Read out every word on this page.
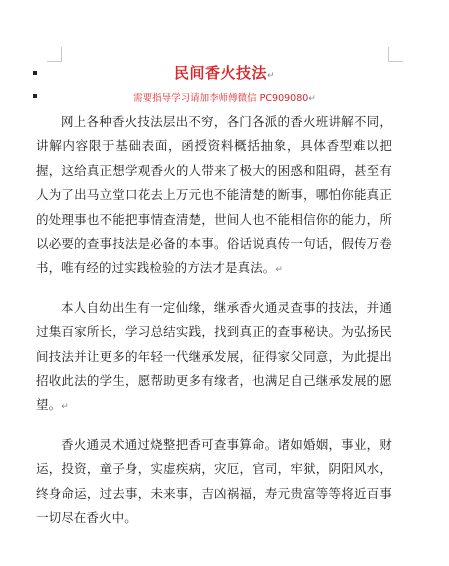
民间香火技法↵
需要指导学习请加李师傅微信 PC909080↵

网上各种香火技法层出不穷，各门各派的香火班讲解不同，讲解内容限于基础表面，函授资料概括抽象，具体香型难以把握，这给真正想学观香火的人带来了极大的困惑和阻碍，甚至有人为了出马立堂口花去上万元也不能清楚的断事，哪怕你能真正的处理事也不能把事情查清楚，世间人也不能相信你的能力，所以必要的查事技法是必备的本事。俗话说真传一句话，假传万卷书，唯有经的过实践检验的方法才是真法。↵

本人自幼出生有一定仙缘，继承香火通灵查事的技法，并通过集百家所长，学习总结实践，找到真正的查事秘诀。为弘扬民间技法并让更多的年轻一代继承发展，征得家父同意，为此提出招收此法的学生，愿帮助更多有缘者，也满足自己继承发展的愿望。↵

香火通灵术通过烧整把香可查事算命。诸如婚姻，事业，财运，投资，童子身，实虚疾病，灾厄，官司，牢狱，阴阳风水，终身命运，过去事，未来事，吉凶祸福，寿元贵富等等将近百事一切尽在香火中。
